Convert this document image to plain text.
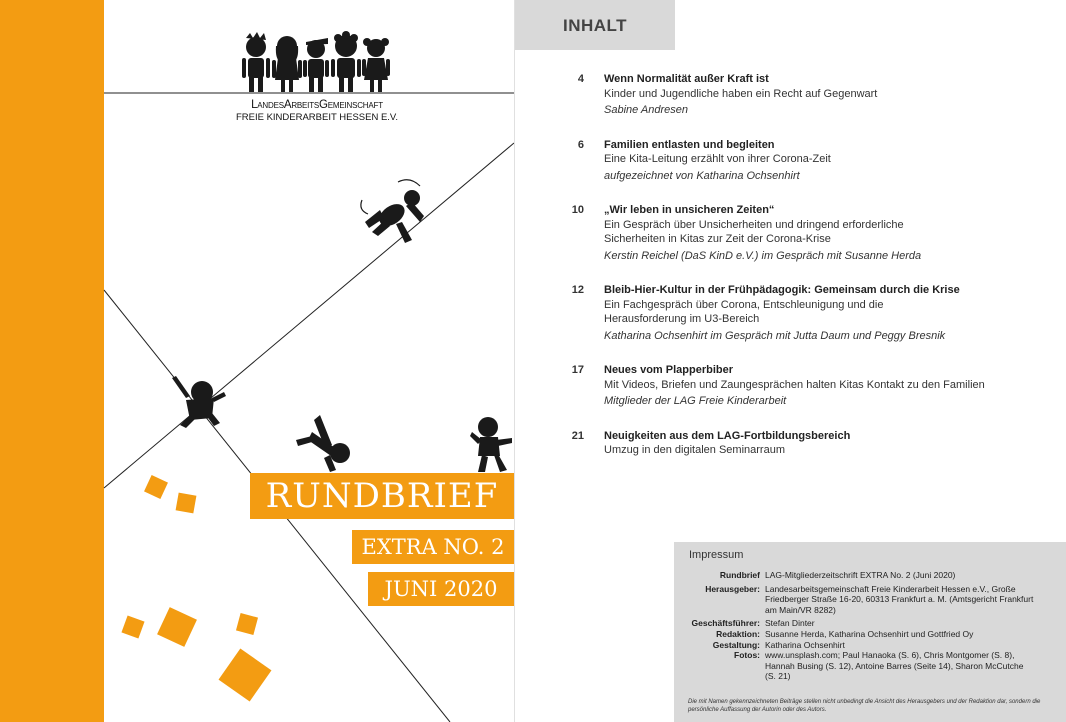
LandesArbeitsGemeinschaft
FREIE KINDERARBEIT HESSEN E.V.
RUNDBRIEF
EXTRA NO. 2
JUNI 2020
INHALT
4 Wenn Normalität außer Kraft ist
Kinder und Jugendliche haben ein Recht auf Gegenwart
Sabine Andresen
6 Familien entlasten und begleiten
Eine Kita-Leitung erzählt von ihrer Corona-Zeit
aufgezeichnet von Katharina Ochsenhirt
10 „Wir leben in unsicheren Zeiten“
Ein Gespräch über Unsicherheiten und dringend erforderliche Sicherheiten in Kitas zur Zeit der Corona-Krise
Kerstin Reichel (DaS KinD e.V.) im Gespräch mit Susanne Herda
12 Bleib-Hier-Kultur in der Frühpädagogik: Gemeinsam durch die Krise
Ein Fachgespräch über Corona, Entschleunigung und die Herausforderung im U3-Bereich
Katharina Ochsenhirt im Gespräch mit Jutta Daum und Peggy Bresnik
17 Neues vom Plapperbiber
Mit Videos, Briefen und Zaungesprächen halten Kitas Kontakt zu den Familien
Mitglieder der LAG Freie Kinderarbeit
21 Neuigkeiten aus dem LAG-Fortbildungsbereich
Umzug in den digitalen Seminarraum
Impressum
Rundbrief LAG-Mitgliederzeitschrift EXTRA No. 2 (Juni 2020)
Herausgeber: Landesarbeitsgemeinschaft Freie Kinderarbeit Hessen e.V., Große Friedberger Straße 16-20, 60313 Frankfurt a. M. (Amtsgericht Frankfurt am Main/VR 8282)
Geschäftsführer: Stefan Dinter
Redaktion: Susanne Herda, Katharina Ochsenhirt und Gottfried Oy
Gestaltung: Katharina Ochsenhirt
Fotos: www.unsplash.com; Paul Hanaoka (S. 6), Chris Montgomer (S. 8), Hannah Busing (S. 12), Antoine Barres (Seite 14), Sharon McCutche (S. 21)
Die mit Namen gekennzeichneten Beiträge stellen nicht unbedingt die Ansicht des Herausgebers und der Redaktion dar, sondern die persönliche Auffassung der Autorin oder des Autors.
